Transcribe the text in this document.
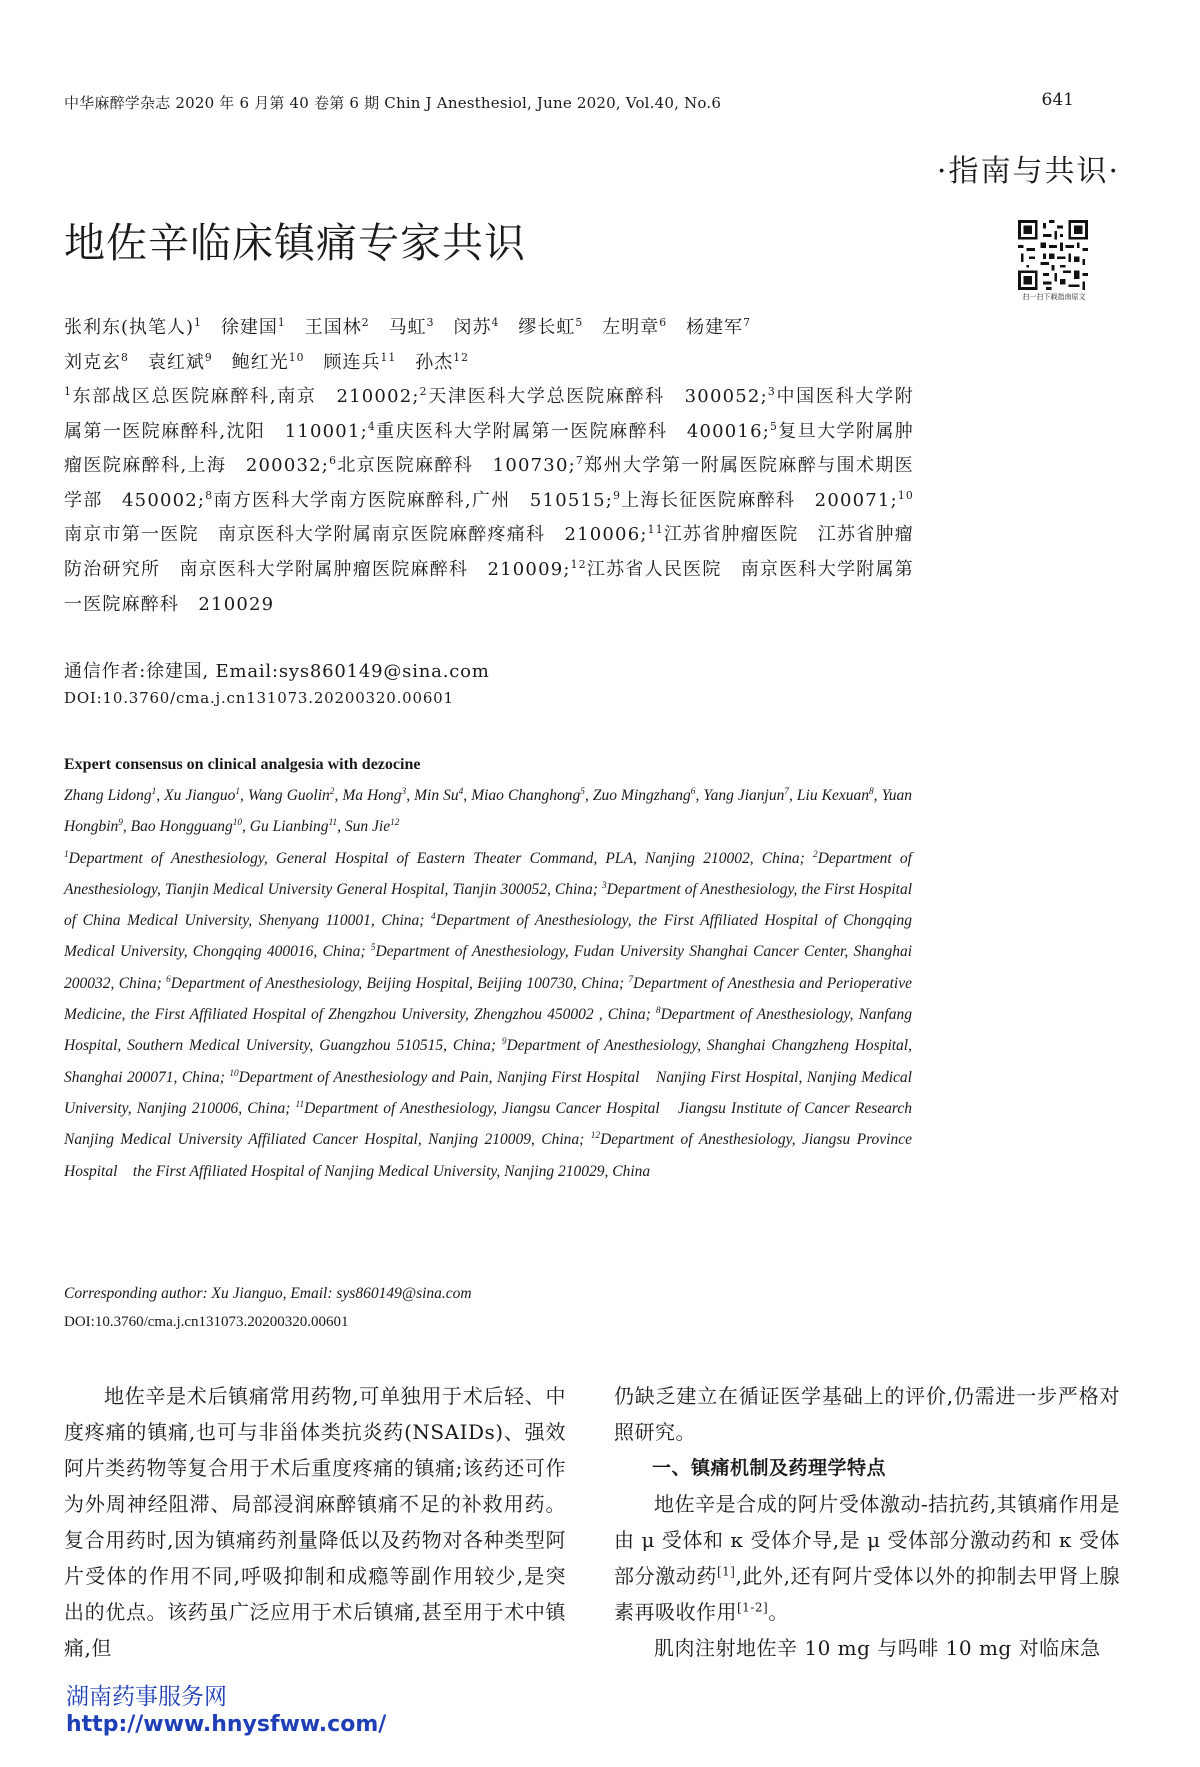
中华麻醉学杂志 2020 年 6 月第 40 卷第 6 期 Chin J Anesthesiol, June 2020, Vol.40, No.6	641
·指南与共识·
地佐辛临床镇痛专家共识
扫一扫下载指南原文
张利东(执笔人)$^1$　徐建国$^1$　王国林$^2$　马虹$^3$　闵苏$^4$　缪长虹$^5$　左明章$^6$　杨建军$^7$
刘克玄$^8$　袁红斌$^9$　鲍红光$^{10}$　顾连兵$^{11}$　孙杰$^{12}$
$^1$东部战区总医院麻醉科,南京　210002;$^2$天津医科大学总医院麻醉科　300052;$^3$中国医科大学附属第一医院麻醉科,沈阳　110001;$^4$重庆医科大学附属第一医院麻醉科　400016;$^5$复旦大学附属肿瘤医院麻醉科,上海　200032;$^6$北京医院麻醉科　100730;$^7$郑州大学第一附属医院麻醉与围术期医学部　450002;$^8$南方医科大学南方医院麻醉科,广州　510515;$^9$上海长征医院麻醉科　200071;$^{10}$南京市第一医院　南京医科大学附属南京医院麻醉疼痛科　210006;$^{11}$江苏省肿瘤医院　江苏省肿瘤防治研究所　南京医科大学附属肿瘤医院麻醉科　210009;$^{12}$江苏省人民医院　南京医科大学附属第一医院麻醉科　210029
通信作者:徐建国, Email:sys860149@sina.com
DOI:10.3760/cma.j.cn131073.20200320.00601
Expert consensus on clinical analgesia with dezocine
Zhang Lidong$^1$, Xu Jianguo$^1$, Wang Guolin$^2$, Ma Hong$^3$, Min Su$^4$, Miao Changhong$^5$, Zuo Mingzhang$^6$, Yang Jianjun$^7$, Liu Kexuan$^8$, Yuan Hongbin$^9$, Bao Hongguang$^{10}$, Gu Lianbing$^{11}$, Sun Jie$^{12}$
$^1$Department of Anesthesiology, General Hospital of Eastern Theater Command, PLA, Nanjing 210002, China; $^2$Department of Anesthesiology, Tianjin Medical University General Hospital, Tianjin 300052, China; $^3$Department of Anesthesiology, the First Hospital of China Medical University, Shenyang 110001, China; $^4$Department of Anesthesiology, the First Affiliated Hospital of Chongqing Medical University, Chongqing 400016, China; $^5$Department of Anesthesiology, Fudan University Shanghai Cancer Center, Shanghai 200032, China; $^6$Department of Anesthesiology, Beijing Hospital, Beijing 100730, China; $^7$Department of Anesthesia and Perioperative Medicine, the First Affiliated Hospital of Zhengzhou University, Zhengzhou 450002 , China; $^8$Department of Anesthesiology, Nanfang Hospital, Southern Medical University, Guangzhou 510515, China; $^9$Department of Anesthesiology, Shanghai Changzheng Hospital, Shanghai 200071, China; $^{10}$Department of Anesthesiology and Pain, Nanjing First Hospital　Nanjing First Hospital, Nanjing Medical University, Nanjing 210006, China; $^{11}$Department of Anesthesiology, Jiangsu Cancer Hospital　Jiangsu Institute of Cancer Research　Nanjing Medical University Affiliated Cancer Hospital, Nanjing 210009, China; $^{12}$Department of Anesthesiology, Jiangsu Province Hospital　the First Affiliated Hospital of Nanjing Medical University, Nanjing 210029, China
Corresponding author: Xu Jianguo, Email: sys860149@sina.com
DOI:10.3760/cma.j.cn131073.20200320.00601

地佐辛是术后镇痛常用药物,可单独用于术后轻、中度疼痛的镇痛,也可与非甾体类抗炎药(NSAIDs)、强效阿片类药物等复合用于术后重度疼痛的镇痛;该药还可作为外周神经阻滞、局部浸润麻醉镇痛不足的补救用药。复合用药时,因为镇痛药剂量降低以及药物对各种类型阿片受体的作用不同,呼吸抑制和成瘾等副作用较少,是突出的优点。该药虽广泛应用于术后镇痛,甚至用于术中镇痛,但

仍缺乏建立在循证医学基础上的评价,仍需进一步严格对照研究。

一、镇痛机制及药理学特点

地佐辛是合成的阿片受体激动-拮抗药,其镇痛作用是由 μ 受体和 κ 受体介导,是 μ 受体部分激动药和 κ 受体部分激动药[1],此外,还有阿片受体以外的抑制去甲肾上腺素再吸收作用[1-2]。

肌肉注射地佐辛 10 mg 与吗啡 10 mg 对临床急

湖南药事服务网
http://www.hnysfww.com/
